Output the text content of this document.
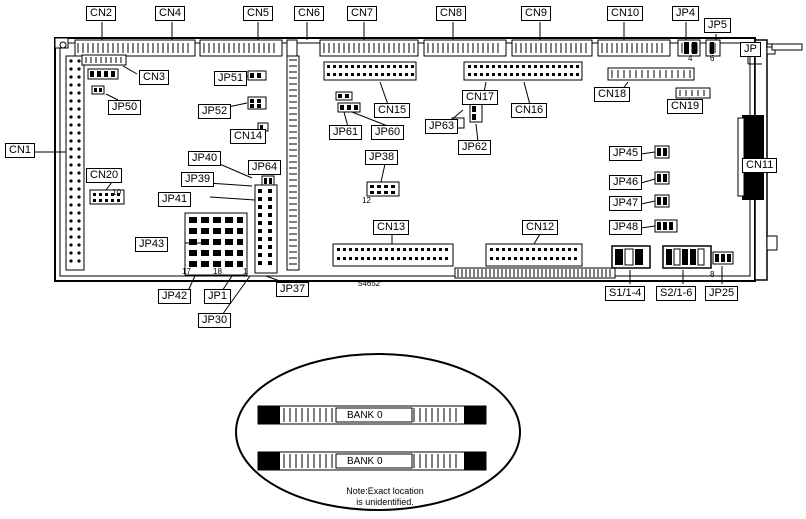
CN2	CN4	CN5	CN6	CN7	CN8	CN9	CN10	JP4
JP5
JP
CN3
JP50
JP51
JP52
CN14
CN15
CN17
CN16
CN18
CN19
JP61	JP60	JP63
JP62
JP38
CN1
CN20
JP40
JP39
JP64
JP41
JP43
JP42	JP1
JP30
JP37
CN13	CN12
JP45
JP46
JP47
JP48
CN11
S1/1-4	S2/1-6	JP25
4 6
10
12
17	18	1
54652
8
BANK 0
BANK 0
Note:Exact location
is unidentified.
